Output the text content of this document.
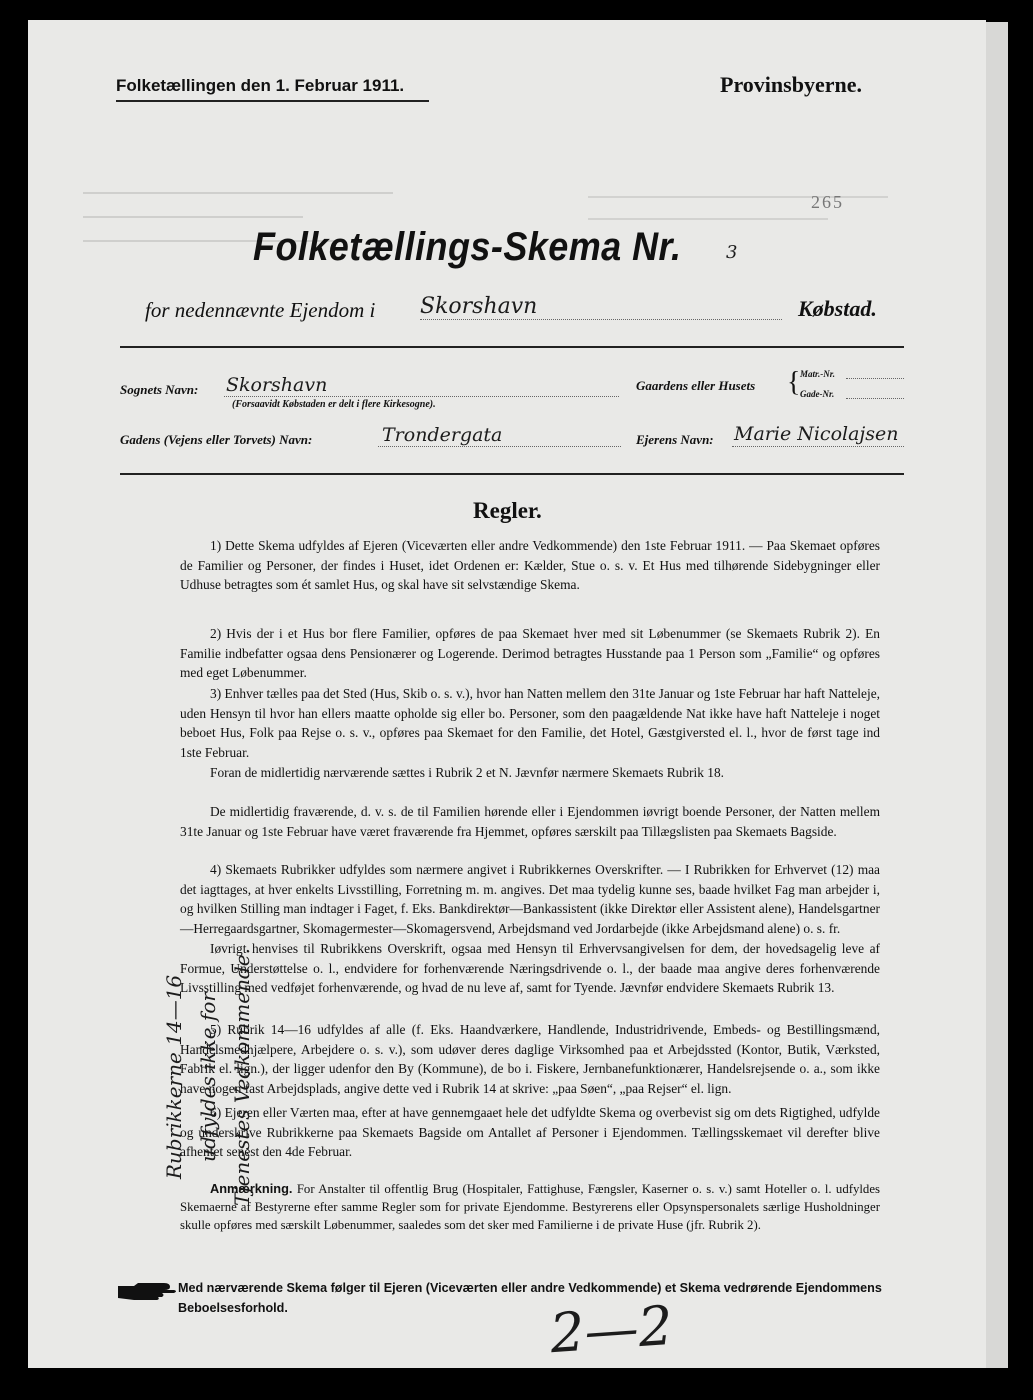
Folketællingen den 1. Februar 1911.	Provinsbyerne.
265
Folketællings-Skema Nr. 3
for nedennævnte Ejendom i Skorshavn	Købstad.
Sognets Navn: Skorshavn
(Forsaavidt Købstaden er delt i flere Kirkesogne).
Gaardens eller Husets { Matr.-Nr.
Gade-Nr.
Gadens (Vejens eller Torvets) Navn:	Trondergata	Ejerens Navn: Marie Nicolajsen
Regler.
1) Dette Skema udfyldes af Ejeren (Viceværten eller andre Vedkommende) den 1ste Februar 1911. — Paa Skemaet opføres de Familier og Personer, der findes i Huset, idet Ordenen er: Kælder, Stue o. s. v. Et Hus med tilhørende Sidebygninger eller Udhuse betragtes som ét samlet Hus, og skal have sit selvstændige Skema.
2) Hvis der i et Hus bor flere Familier, opføres de paa Skemaet hver med sit Løbenummer (se Skemaets Rubrik 2). En Familie indbefatter ogsaa dens Pensionærer og Logerende. Derimod betragtes Husstande paa 1 Person som „Familie“ og opføres med eget Løbenummer.
3) Enhver tælles paa det Sted (Hus, Skib o. s. v.), hvor han Natten mellem den 31te Januar og 1ste Februar har haft Natteleje, uden Hensyn til hvor han ellers maatte opholde sig eller bo. Personer, som den paagældende Nat ikke have haft Natteleje i noget beboet Hus, Folk paa Rejse o. s. v., opføres paa Skemaet for den Familie, det Hotel, Gæstgiversted el. l., hvor de først tage ind 1ste Februar.
Foran de midlertidig nærværende sættes i Rubrik 2 et N. Jævnfør nærmere Skemaets Rubrik 18.
De midlertidig fraværende, d. v. s. de til Familien hørende eller i Ejendommen iøvrigt boende Personer, der Natten mellem 31te Januar og 1ste Februar have været fraværende fra Hjemmet, opføres særskilt paa Tillægslisten paa Skemaets Bagside.
4) Skemaets Rubrikker udfyldes som nærmere angivet i Rubrikkernes Overskrifter. — I Rubrikken for Erhvervet (12) maa det iagttages, at hver enkelts Livsstilling, Forretning m. m. angives. Det maa tydelig kunne ses, baade hvilket Fag man arbejder i, og hvilken Stilling man indtager i Faget, f. Eks. Bankdirektør—Bankassistent (ikke Direktør eller Assistent alene), Handelsgartner—Herregaardsgartner, Skomagermester—Skomagersvend, Arbejdsmand ved Jordarbejde (ikke Arbejdsmand alene) o. s. fr.
Iøvrigt henvises til Rubrikkens Overskrift, ogsaa med Hensyn til Erhvervsangivelsen for dem, der hovedsagelig leve af Formue, Understøttelse o. l., endvidere for forhenværende Næringsdrivende o. l., der baade maa angive deres forhenværende Livsstilling med vedføjet forhenværende, og hvad de nu leve af, samt for Tyende. Jævnfør endvidere Skemaets Rubrik 13.
5) Rubrik 14—16 udfyldes af alle (f. Eks. Haandværkere, Handlende, Industridrivende, Embeds- og Bestillingsmænd, Handelsmedhjælpere, Arbejdere o. s. v.), som udøver deres daglige Virksomhed paa et Arbejdssted (Kontor, Butik, Værksted, Fabrik el. lign.), der ligger udenfor den By (Kommune), de bo i. Fiskere, Jernbanefunktionærer, Handelsrejsende o. a., som ikke have nogen fast Arbejdsplads, angive dette ved i Rubrik 14 at skrive: „paa Søen“, „paa Rejser“ el. lign.
6) Ejeren eller Værten maa, efter at have gennemgaaet hele det udfyldte Skema og overbevist sig om dets Rigtighed, udfylde og underskrive Rubrikkerne paa Skemaets Bagside om Antallet af Personer i Ejendommen. Tællingsskemaet vil derefter blive afhentet senest den 4de Februar.
Anmærkning. For Anstalter til offentlig Brug (Hospitaler, Fattighuse, Fængsler, Kaserner o. s. v.) samt Hoteller o. l. udfyldes Skemaerne af Bestyrerne efter samme Regler som for private Ejendomme. Bestyrerens eller Opsynspersonalets særlige Husholdninger skulle opføres med særskilt Løbenummer, saaledes som det sker med Familierne i de private Huse (jfr. Rubrik 2).
Rubrikkerne 14—16 udfyldes ikke for Tjenestes Vedkommende.
Med nærværende Skema følger til Ejeren (Viceværten eller andre Vedkommende) et Skema vedrørende Ejendommens Beboelsesforhold.	2—2
